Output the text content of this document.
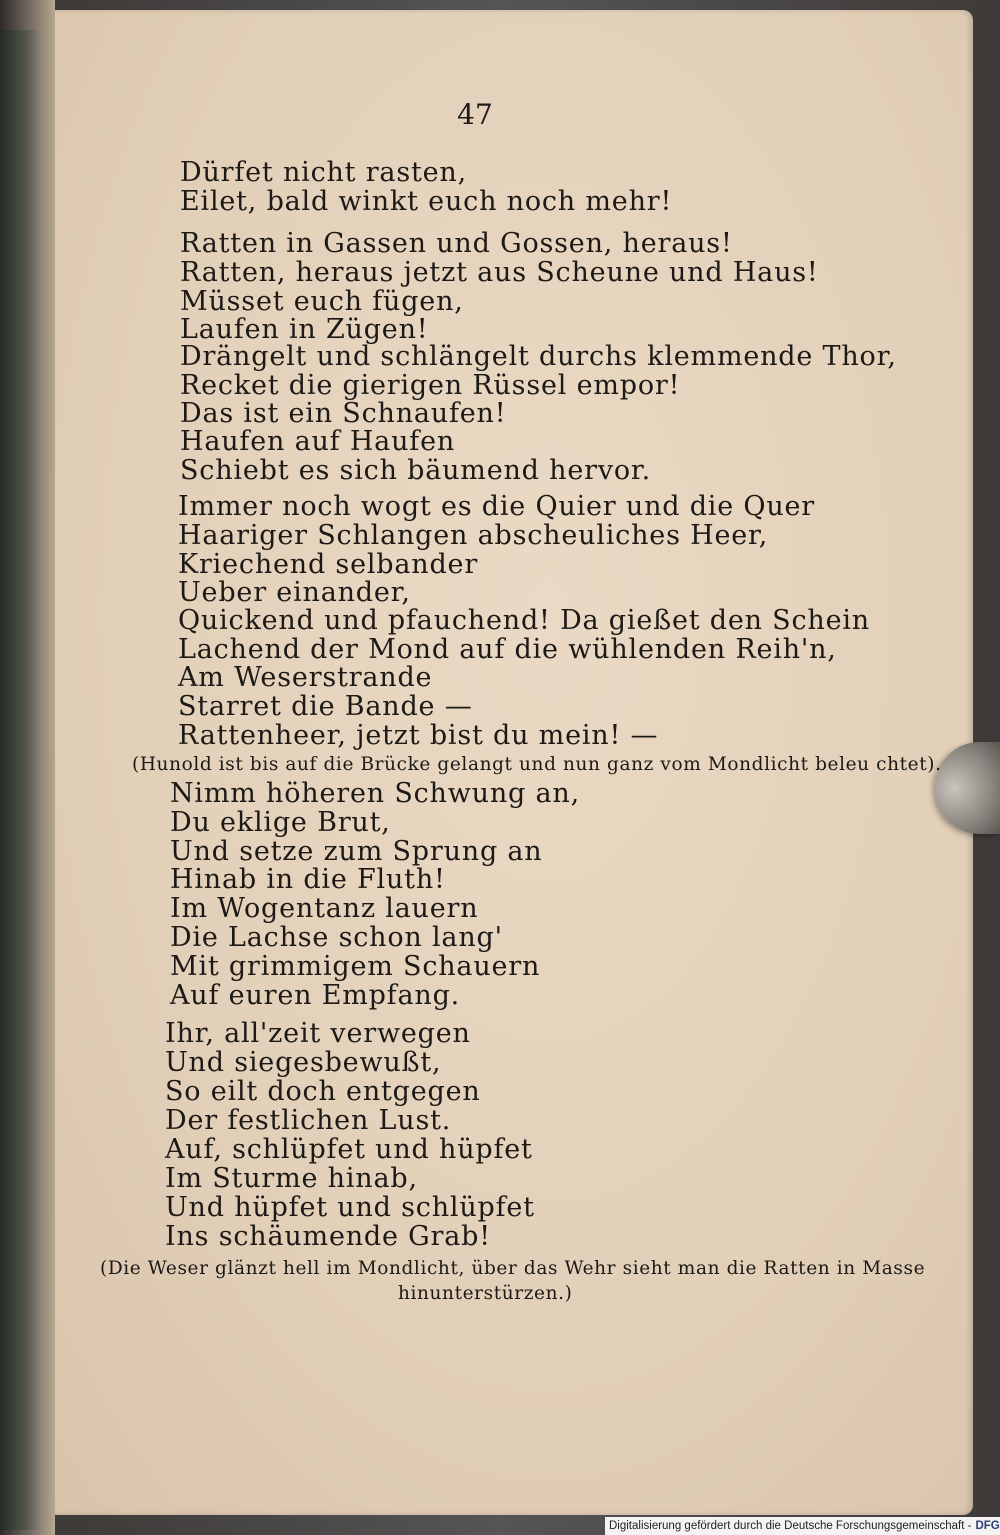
47
Dürfet nicht rasten,
Eilet, bald winkt euch noch mehr!
Ratten in Gassen und Gossen, heraus!
Ratten, heraus jetzt aus Scheune und Haus!
Müsset euch fügen,
Laufen in Zügen!
Drängelt und schlängelt durchs klemmende Thor,
Recket die gierigen Rüssel empor!
Das ist ein Schnaufen!
Haufen auf Haufen
Schiebt es sich bäumend hervor.
Immer noch wogt es die Quier und die Quer
Haariger Schlangen abscheuliches Heer,
Kriechend selbander
Ueber einander,
Quickend und pfauchend! Da gießet den Schein
Lachend der Mond auf die wühlenden Reih'n,
Am Weserstrande
Starret die Bande —
Rattenheer, jetzt bist du mein! —
(Hunold ist bis auf die Brücke gelangt und nun ganz vom Mondlicht beleu chtet).
Nimm höheren Schwung an,
Du eklige Brut,
Und setze zum Sprung an
Hinab in die Fluth!
Im Wogentanz lauern
Die Lachse schon lang'
Mit grimmigem Schauern
Auf euren Empfang.
Ihr, all'zeit verwegen
Und siegesbewußt,
So eilt doch entgegen
Der festlichen Lust.
Auf, schlüpfet und hüpfet
Im Sturme hinab,
Und hüpfet und schlüpfet
Ins schäumende Grab!
(Die Weser glänzt hell im Mondlicht, über das Wehr sieht man die Ratten in Masse
hinunterstürzen.)
Digitalisierung gefördert durch die Deutsche Forschungsgemeinschaft - DFG
